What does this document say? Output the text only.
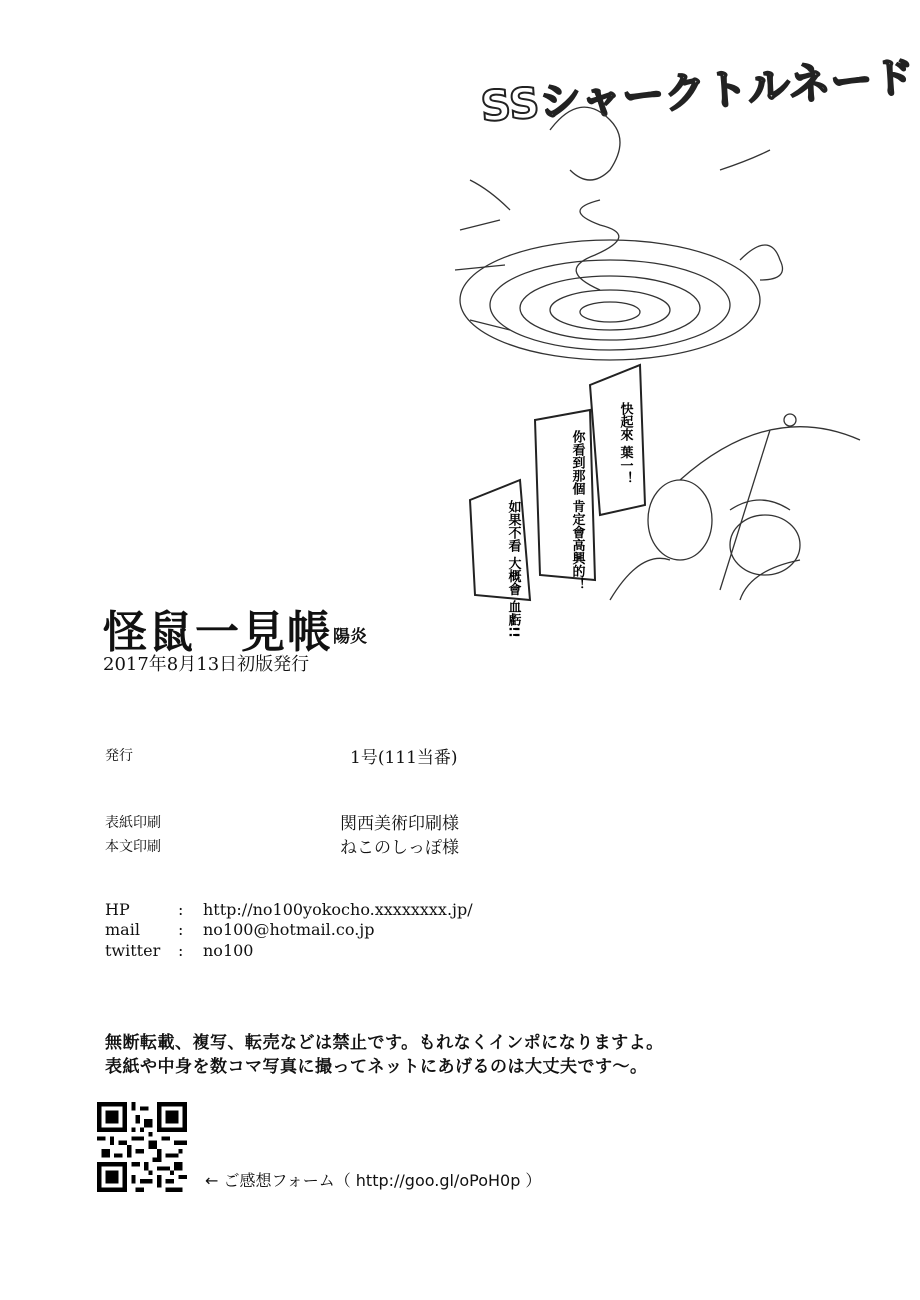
SSシャークトルネード
快起來 葉一！
你看到那個 肯定會高興的！
如果不看 大概會 血虧!!
怪鼠一見帳 陽炎
2017年8月13日初版発行
発行	1号(111当番)
表紙印刷	関西美術印刷様
本文印刷	ねこのしっぽ様
HP	: http://no100yokocho.xxxxxxxx.jp/
mail : no100@hotmail.co.jp
twitter : no100
無断転載、複写、転売などは禁止です。もれなくインポになりますよ。
表紙や中身を数コマ写真に撮ってネットにあげるのは大丈夫です～。
← ご感想フォーム（ http://goo.gl/oPoH0p ）
